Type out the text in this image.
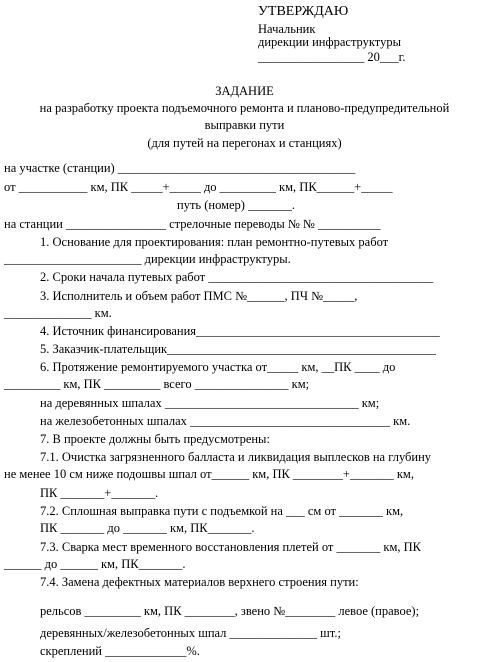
УТВЕРЖДАЮ
Начальник
дирекции инфраструктуры
_________________ 20___г.
ЗАДАНИЕ
на разработку проекта подъемочного ремонта и планово-предупредительной
выправки пути
(для путей на перегонах и станциях)
на участке (станции) ______________________________________
от ___________ км, ПК _____+_____ до _________ км, ПК______+_____
путь (номер) _______.
на станции ________________ стрелочные переводы № № __________
1. Основание для проектирования: план ремонтно-путевых работ
______________________ дирекции инфраструктуры.
2. Сроки начала путевых работ ____________________________________
3. Исполнитель и объем работ ПМС №______, ПЧ №_____,
______________ км.
4. Источник финансирования_______________________________________
5. Заказчик-плательщик___________________________________________
6. Протяжение ремонтируемого участка от_____ км, __ПК ____ до
_________ км, ПК _________ всего _______________ км;
на деревянных шпалах _______________________________ км;
на железобетонных шпалах ________________________________ км.
7. В проекте должны быть предусмотрены:
7.1. Очистка загрязненного балласта и ликвидация выплесков на глубину
не менее 10 см ниже подошвы шпал от______ км, ПК ________+_______ км,
ПК _______+_______.
7.2. Сплошная выправка пути с подъемкой на ___ см от _______ км,
ПК _______ до _______ км, ПК_______.
7.3. Сварка мест временного восстановления плетей от _______ км, ПК
______ до ______ км, ПК_______.
7.4. Замена дефектных материалов верхнего строения пути:
рельсов _________ км, ПК ________, звено №________ левое (правое);
деревянных/железобетонных шпал ______________ шт.;
скреплений _____________%.
